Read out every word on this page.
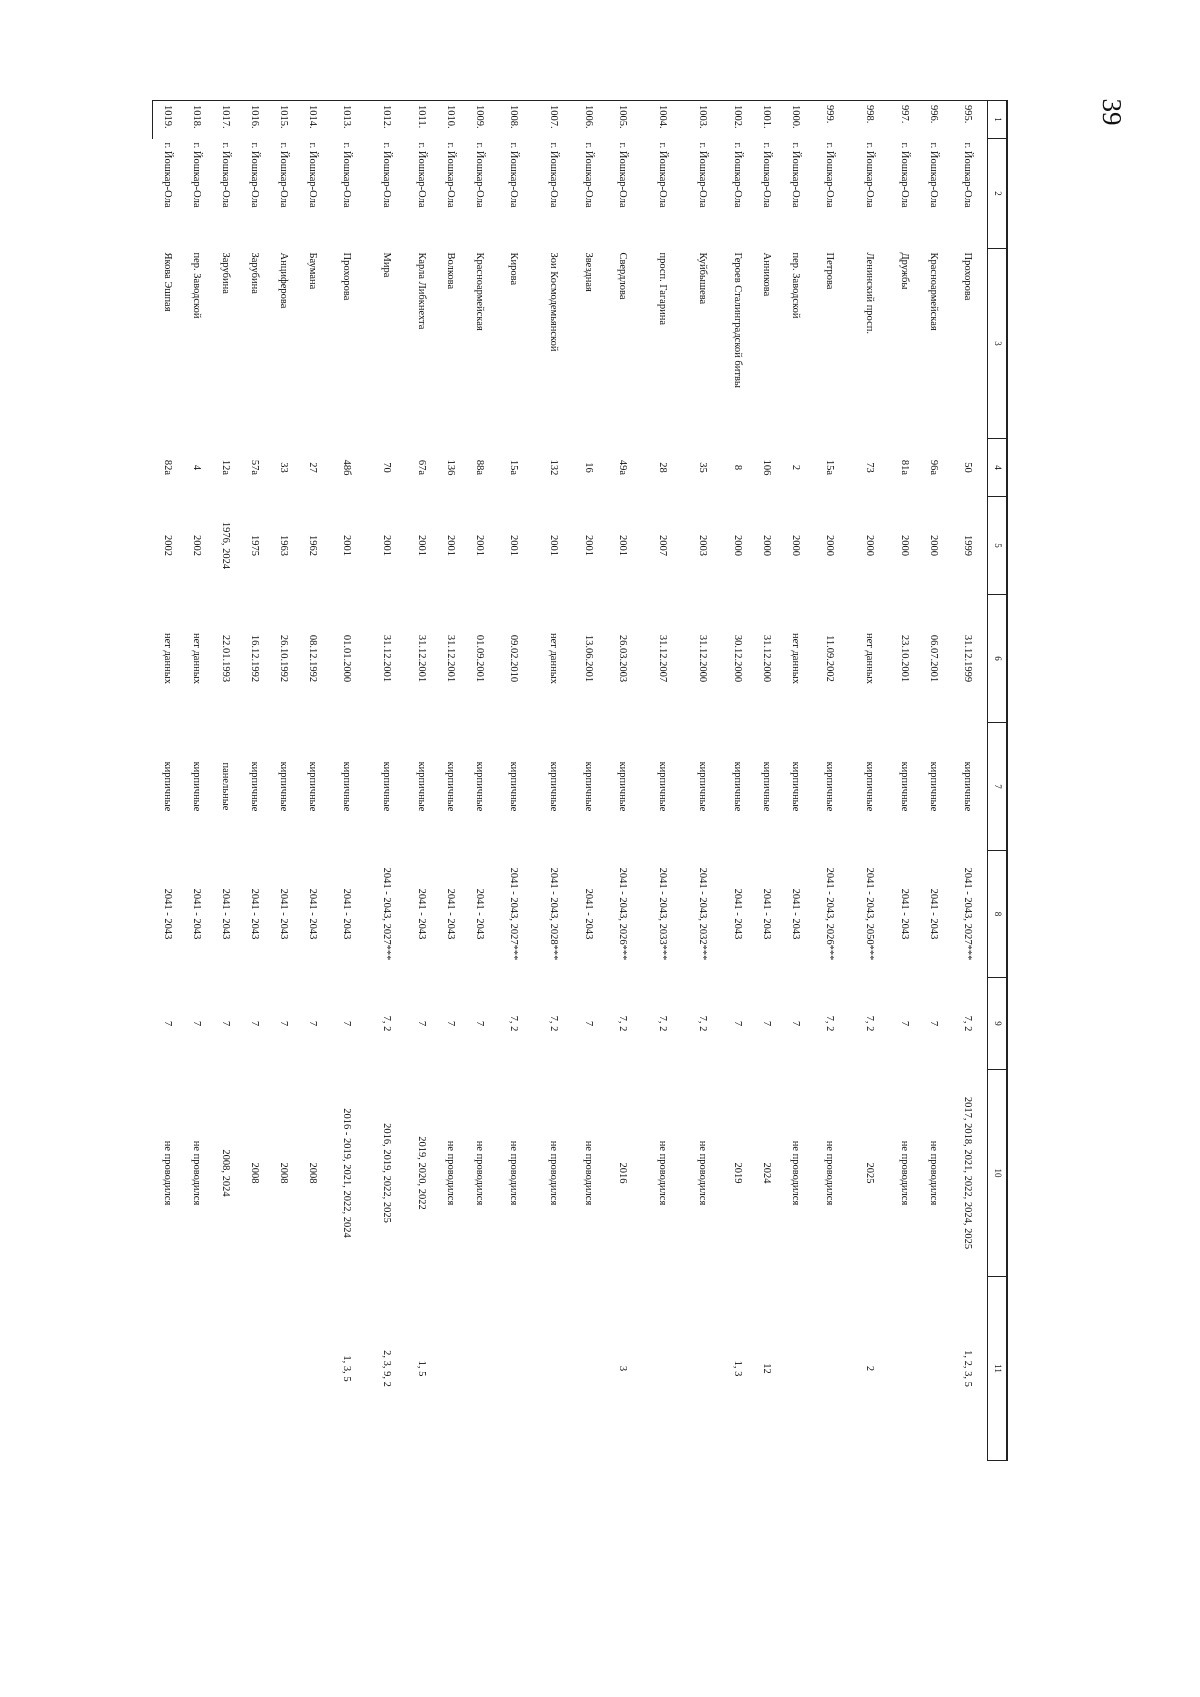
39
1	2	3	4	5	6	7	8	9	10	11
995.	г. Йошкар-Ола	Прохорова	50	1999	31.12.1999	кирпичные	2041 - 2043, 2027***	7, 2	2017, 2018, 2021, 2022, 2024, 2025	1, 2, 3, 5
996.	г. Йошкар-Ола	Красноармейская	96а	2000	06.07.2001	кирпичные	2041 - 2043	7	не проводился	
997.	г. Йошкар-Ола	Дружбы	81а	2000	23.10.2001	кирпичные	2041 - 2043	7	не проводился	
998.	г. Йошкар-Ола	Ленинский просп.	73	2000	нет данных	кирпичные	2041 - 2043, 2050***	7, 2	2025	2
999.	г. Йошкар-Ола	Петрова	15а	2000	11.09.2002	кирпичные	2041 - 2043, 2026***	7, 2	не проводился	
1000.	г. Йошкар-Ола	пер. Заводской	2	2000	нет данных	кирпичные	2041 - 2043	7	не проводился	
1001.	г. Йошкар-Ола	Анникова	106	2000	31.12.2000	кирпичные	2041 - 2043	7	2024	12
1002.	г. Йошкар-Ола	Героев Сталинградской битвы	8	2000	30.12.2000	кирпичные	2041 - 2043	7	2019	1, 3
1003.	г. Йошкар-Ола	Куйбышева	35	2003	31.12.2000	кирпичные	2041 - 2043, 2032***	7, 2	не проводился	
1004.	г. Йошкар-Ола	просп. Гагарина	28	2007	31.12.2007	кирпичные	2041 - 2043, 2033***	7, 2	не проводился	
1005.	г. Йошкар-Ола	Свердлова	49а	2001	26.03.2003	кирпичные	2041 - 2043, 2026***	7, 2	2016	3
1006.	г. Йошкар-Ола	Звездная	16	2001	13.06.2001	кирпичные	2041 - 2043	7	не проводился	
1007.	г. Йошкар-Ола	Зои Космодемьянской	132	2001	нет данных	кирпичные	2041 - 2043, 2028***	7, 2	не проводился	
1008.	г. Йошкар-Ола	Кирова	15а	2001	09.02.2010	кирпичные	2041 - 2043, 2027***	7, 2	не проводился	
1009.	г. Йошкар-Ола	Красноармейская	88а	2001	01.09.2001	кирпичные	2041 - 2043	7	не проводился	
1010.	г. Йошкар-Ола	Волкова	136	2001	31.12.2001	кирпичные	2041 - 2043	7	не проводился	
1011.	г. Йошкар-Ола	Карла Либкнехта	67а	2001	31.12.2001	кирпичные	2041 - 2043	7	2019, 2020, 2022	1, 5
1012.	г. Йошкар-Ола	Мира	70	2001	31.12.2001	кирпичные	2041 - 2043, 2027***	7, 2	2016, 2019, 2022, 2025	2, 3, 9, 2
1013.	г. Йошкар-Ола	Прохорова	48б	2001	01.01.2000	кирпичные	2041 - 2043	7	2016 - 2019, 2021, 2022, 2024	1, 3, 5
1014.	г. Йошкар-Ола	Баумана	27	1962	08.12.1992	кирпичные	2041 - 2043	7	2008	
1015.	г. Йошкар-Ола	Анциферова	33	1963	26.10.1992	кирпичные	2041 - 2043	7	2008	
1016.	г. Йошкар-Ола	Зарубина	57а	1975	16.12.1992	кирпичные	2041 - 2043	7	2008	
1017.	г. Йошкар-Ола	Зарубина	12а	1976, 2024	22.01.1993	панельные	2041 - 2043	7	2008, 2024	
1018.	г. Йошкар-Ола	пер. Заводской	4	2002	нет данных	кирпичные	2041 - 2043	7	не проводился	
1019.	г. Йошкар-Ола	Якова Эшпая	82а	2002	нет данных	кирпичные	2041 - 2043	7	не проводился	
